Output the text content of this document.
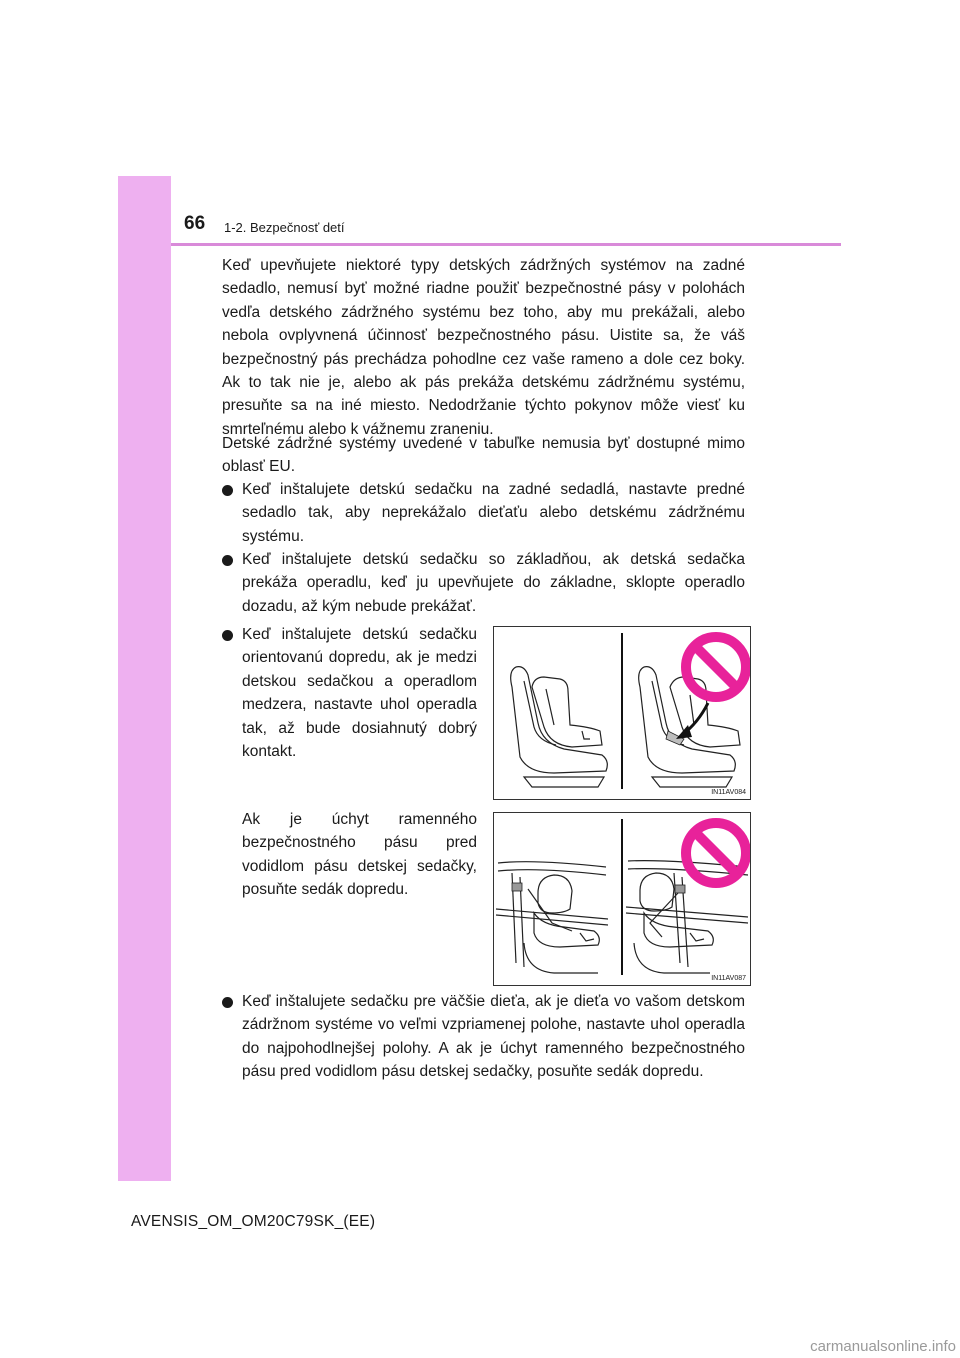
66 1-2. Bezpečnosť detí
Keď upevňujete niektoré typy detských zádržných systémov na zadné sedadlo, nemusí byť možné riadne použiť bezpečnostné pásy v polohách vedľa detského zádržného systému bez toho, aby mu prekážali, alebo nebola ovplyvnená účinnosť bezpečnostného pásu. Uistite sa, že váš bezpečnostný pás prechádza pohodlne cez vaše rameno a dole cez boky. Ak to tak nie je, alebo ak pás prekáža detskému zádržnému systému, presuňte sa na iné miesto. Nedodržanie týchto pokynov môže viesť ku smrteľnému alebo k vážnemu zraneniu.
Detské zádržné systémy uvedené v tabuľke nemusia byť dostupné mimo oblasť EU.
Keď inštalujete detskú sedačku na zadné sedadlá, nastavte predné sedadlo tak, aby neprekážalo dieťaťu alebo detskému zádržnému systému.
Keď inštalujete detskú sedačku so základňou, ak detská sedačka prekáža operadlu, keď ju upevňujete do základne, sklopte operadlo dozadu, až kým nebude prekážať.
Keď inštalujete detskú sedačku orientovanú dopredu, ak je medzi detskou sedačkou a operadlom medzera, nastavte uhol operadla tak, až bude dosiahnutý dobrý kontakt.
Ak je úchyt ramenného bezpečnostného pásu pred vodidlom pásu detskej sedačky, posuňte sedák dopredu.
Keď inštalujete sedačku pre väčšie dieťa, ak je dieťa vo vašom detskom zádržnom systéme vo veľmi vzpriamenej polohe, nastavte uhol operadla do najpohodlnejšej polohy. A ak je úchyt ramenného bezpečnostného pásu pred vodidlom pásu detskej sedačky, posuňte sedák dopredu.
IN11AV084
IN11AV087
AVENSIS_OM_OM20C79SK_(EE)
carmanualsonline.info
